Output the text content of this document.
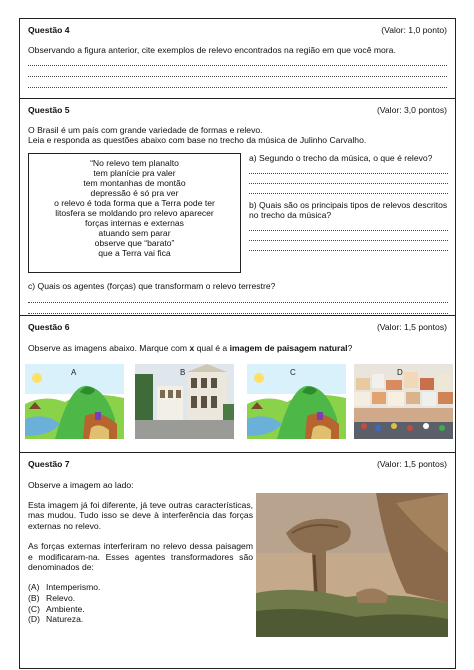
Questão 4	(Valor: 1,0 ponto)

Observando a figura anterior, cite exemplos de relevo encontrados na região em que você mora.

Questão 5	(Valor: 3,0 pontos)

O Brasil é um país com grande variedade de formas e relevo.

Leia e responda as questões abaixo com base no trecho da música de Julinho Carvalho.

“No relevo tem planalto
tem planície pra valer
tem montanhas de montão
depressão é só pra ver
o relevo é toda forma que a Terra pode ter
litosfera se moldando pro relevo aparecer
forças internas e externas
atuando sem parar
observe que “barato”
que a Terra vai fica

a) Segundo o trecho da música, o que é relevo?

b) Quais são os principais tipos de relevos descritos no trecho da música?

c) Quais os agentes (forças) que transformam o relevo terrestre?

Questão 6	(Valor: 1,5 pontos)

Observe as imagens abaixo. Marque com x qual é a imagem de paisagem natural?

A	B	C	D
Questão 7	(Valor: 1,5 pontos)

Observe a imagem ao lado:

Esta imagem já foi diferente, já teve outras características, mas mudou. Tudo isso se deve à interferência das forças externas no relevo.

As forças externas interferiram no relevo dessa paisagem e modificaram-na. Esses agentes transformadores são denominados de:

(A) Intemperismo.
(B) Relevo.
(C) Ambiente.
(D) Natureza.
